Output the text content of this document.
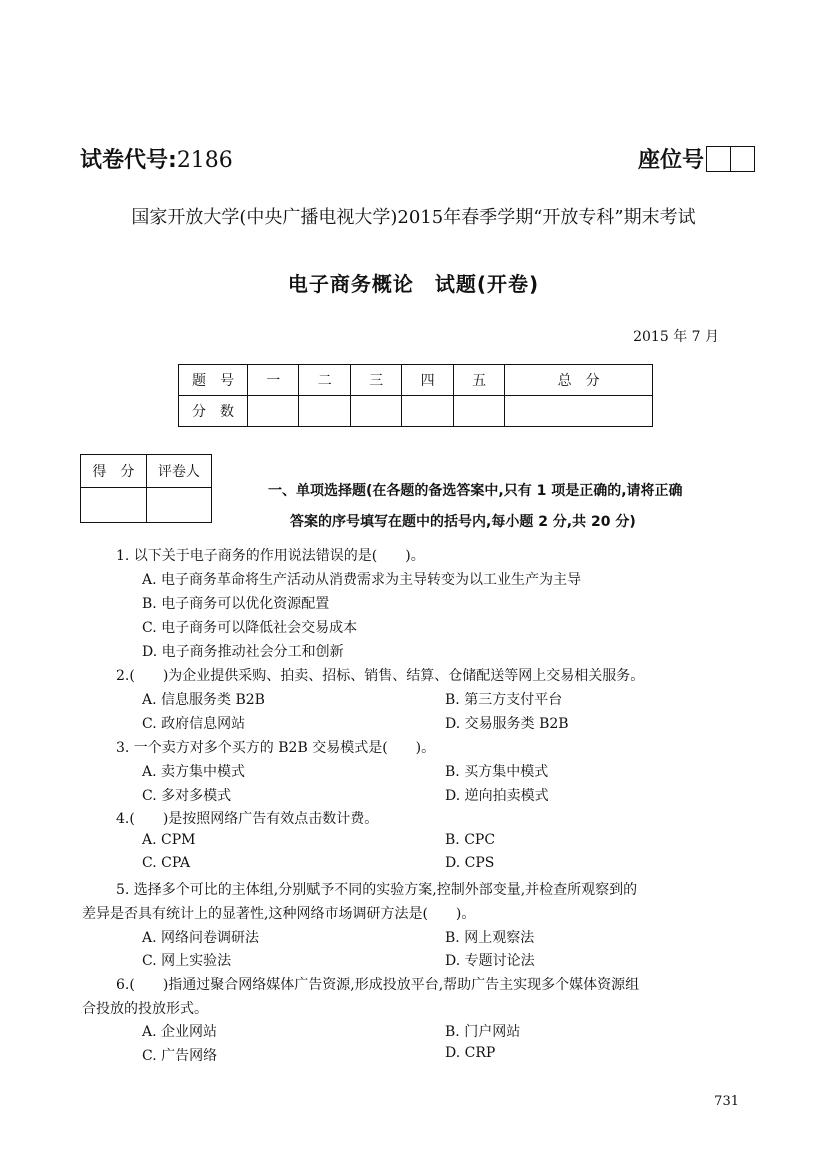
试卷代号:2186	座位号
国家开放大学(中央广播电视大学)2015年春季学期“开放专科”期末考试
电子商务概论　试题(开卷)
2015 年 7 月
题　号	一	二	三	四	五	总　分
分　数						
得　分	评卷人

一、单项选择题(在各题的备选答案中,只有 1 项是正确的,请将正确
答案的序号填写在题中的括号内,每小题 2 分,共 20 分)
1. 以下关于电子商务的作用说法错误的是(　　)。
A. 电子商务革命将生产活动从消费需求为主导转变为以工业生产为主导
B. 电子商务可以优化资源配置
C. 电子商务可以降低社会交易成本
D. 电子商务推动社会分工和创新
2.(　　)为企业提供采购、拍卖、招标、销售、结算、仓储配送等网上交易相关服务。
A. 信息服务类 B2B	B. 第三方支付平台
C. 政府信息网站	D. 交易服务类 B2B
3. 一个卖方对多个买方的 B2B 交易模式是(　　)。
A. 卖方集中模式	B. 买方集中模式
C. 多对多模式	D. 逆向拍卖模式
4.(　　)是按照网络广告有效点击数计费。
A. CPM	B. CPC
C. CPA	D. CPS
5. 选择多个可比的主体组,分别赋予不同的实验方案,控制外部变量,并检查所观察到的
差异是否具有统计上的显著性,这种网络市场调研方法是(　　)。
A. 网络问卷调研法	B. 网上观察法
C. 网上实验法	D. 专题讨论法
6.(　　)指通过聚合网络媒体广告资源,形成投放平台,帮助广告主实现多个媒体资源组
合投放的投放形式。
A. 企业网站	B. 门户网站
C. 广告网络	D. CRP
731
